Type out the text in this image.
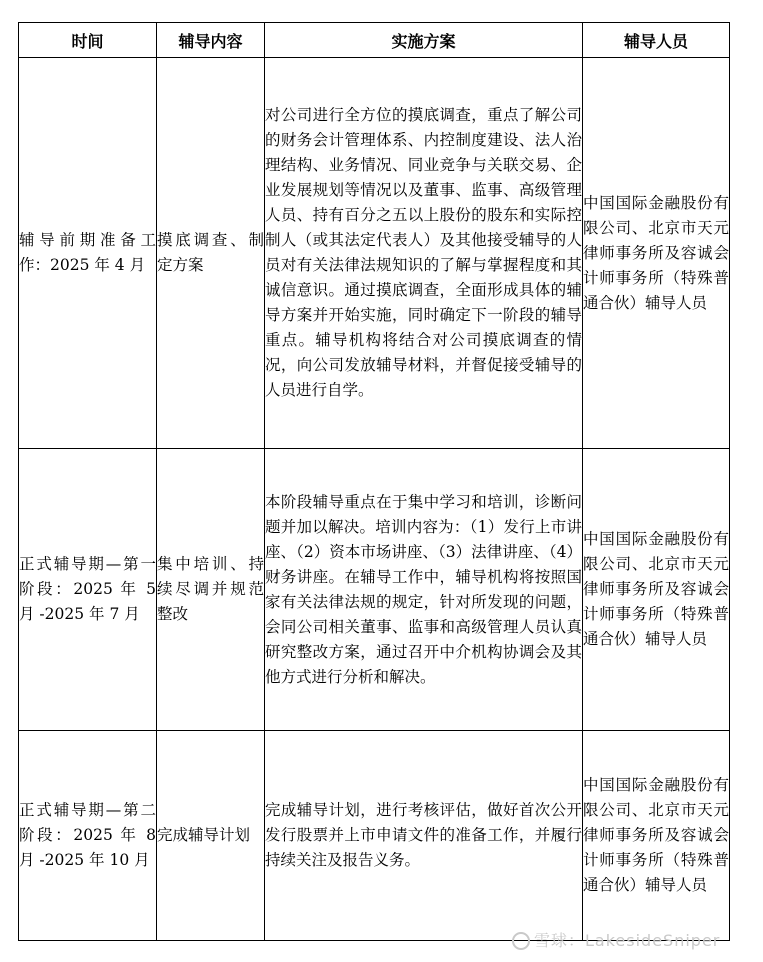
时间	辅导内容	实施方案	辅导人员

辅导前期准备工作：2025 年 4 月	摸底调查、制定方案	对公司进行全方位的摸底调查，重点了解公司的财务会计管理体系、内控制度建设、法人治理结构、业务情况、同业竞争与关联交易、企业发展规划等情况以及董事、监事、高级管理人员、持有百分之五以上股份的股东和实际控制人（或其法定代表人）及其他接受辅导的人员对有关法律法规知识的了解与掌握程度和其诚信意识。通过摸底调查，全面形成具体的辅导方案并开始实施，同时确定下一阶段的辅导重点。辅导机构将结合对公司摸底调查的情况，向公司发放辅导材料，并督促接受辅导的人员进行自学。	中国国际金融股份有限公司、北京市天元律师事务所及容诚会计师事务所（特殊普通合伙）辅导人员

正式辅导期—第一阶段：2025 年 5 月 -2025 年 7 月	集中培训、持续尽调并规范整改	本阶段辅导重点在于集中学习和培训，诊断问题并加以解决。培训内容为：（1）发行上市讲座、（2）资本市场讲座、（3）法律讲座、（4）财务讲座。在辅导工作中，辅导机构将按照国家有关法律法规的规定，针对所发现的问题，会同公司相关董事、监事和高级管理人员认真研究整改方案，通过召开中介机构协调会及其他方式进行分析和解决。	中国国际金融股份有限公司、北京市天元律师事务所及容诚会计师事务所（特殊普通合伙）辅导人员

正式辅导期—第二阶段：2025 年 8 月 -2025 年 10 月	完成辅导计划	完成辅导计划，进行考核评估，做好首次公开发行股票并上市申请文件的准备工作，并履行持续关注及报告义务。	中国国际金融股份有限公司、北京市天元律师事务所及容诚会计师事务所（特殊普通合伙）辅导人员
雪球：LakesideSniper
